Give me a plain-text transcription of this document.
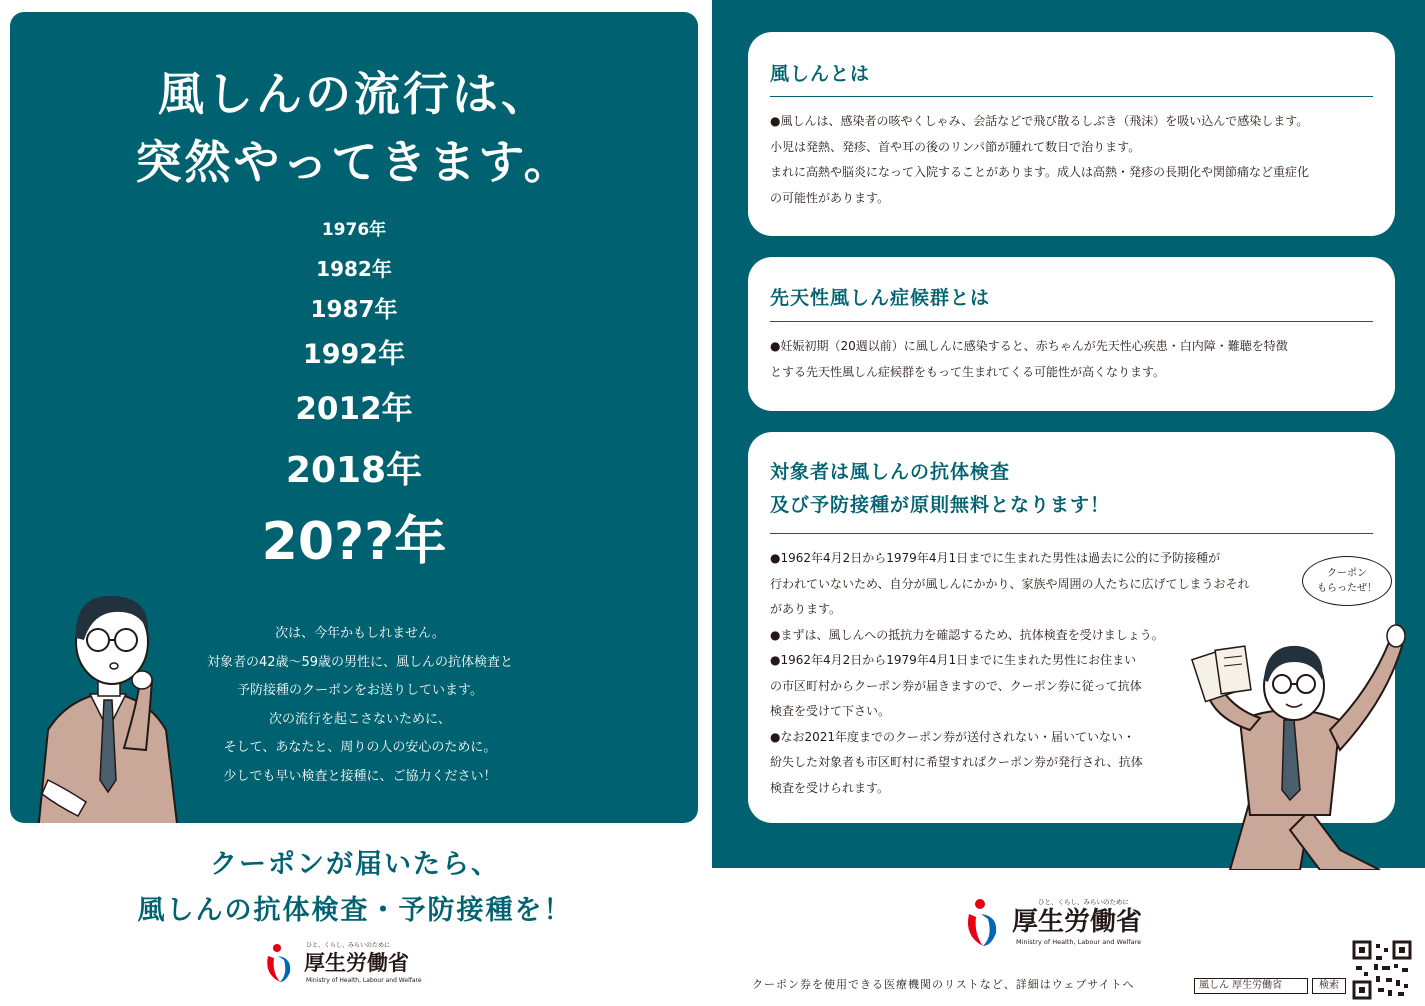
風しんの流行は、
突然やってきます。
1976年
1982年
1987年
1992年
2012年
2018年
20??年
次は、今年かもしれません。
対象者の42歳〜59歳の男性に、風しんの抗体検査と
予防接種のクーポンをお送りしています。
次の流行を起こさないために、
そして、あなたと、周りの人の安心のために。
少しでも早い検査と接種に、ご協力ください！
クーポンが届いたら、
風しんの抗体検査・予防接種を！
ひと、くらし、みらいのために
厚生労働省
Ministry of Health, Labour and Welfare
風しんとは
●風しんは、感染者の咳やくしゃみ、会話などで飛び散るしぶき（飛沫）を吸い込んで感染します。
小児は発熱、発疹、首や耳の後のリンパ節が腫れて数日で治ります。
まれに高熱や脳炎になって入院することがあります。成人は高熱・発疹の長期化や関節痛など重症化
の可能性があります。
先天性風しん症候群とは
●妊娠初期（20週以前）に風しんに感染すると、赤ちゃんが先天性心疾患・白内障・難聴を特徴
とする先天性風しん症候群をもって生まれてくる可能性が高くなります。
対象者は風しんの抗体検査
及び予防接種が原則無料となります！
●1962年4月2日から1979年4月1日までに生まれた男性は過去に公的に予防接種が
行われていないため、自分が風しんにかかり、家族や周囲の人たちに広げてしまうおそれ
があります。
●まずは、風しんへの抵抗力を確認するため、抗体検査を受けましょう。
●1962年4月2日から1979年4月1日までに生まれた男性にお住まい
の市区町村からクーポン券が届きますので、クーポン券に従って抗体
検査を受けて下さい。
●なお2021年度までのクーポン券が送付されない・届いていない・
紛失した対象者も市区町村に希望すればクーポン券が発行され、抗体
検査を受けられます。
クーポン
もらったぜ！
ひと、くらし、みらいのために
厚生労働省
Ministry of Health, Labour and Welfare
クーポン券を使用できる医療機関のリストなど、詳細はウェブサイトへ	風しん 厚生労働省	検索
